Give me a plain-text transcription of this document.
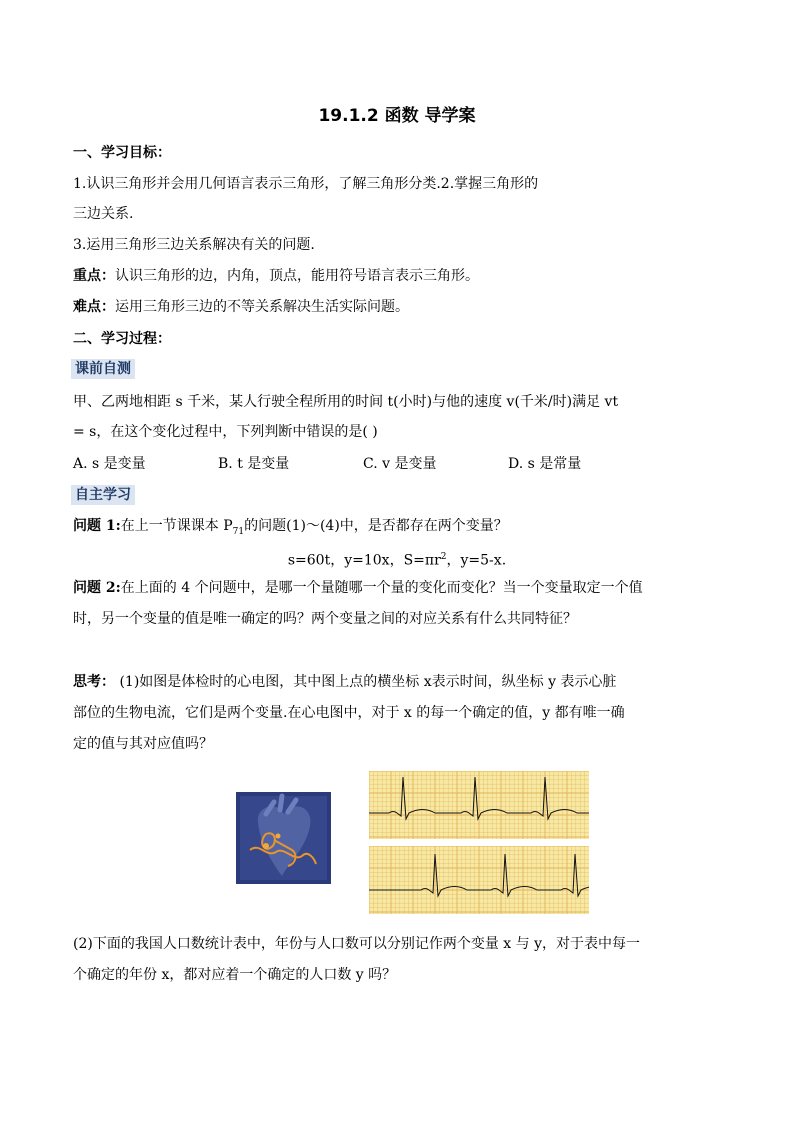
19.1.2 函数 导学案
一、学习目标：
1.认识三角形并会用几何语言表示三角形，了解三角形分类.2.掌握三角形的
三边关系.
3.运用三角形三边关系解决有关的问题.
重点：认识三角形的边，内角，顶点，能用符号语言表示三角形。
难点：运用三角形三边的不等关系解决生活实际问题。
二、学习过程：
课前自测
甲、乙两地相距 s 千米，某人行驶全程所用的时间 t(小时)与他的速度 v(千米/时)满足 vt
= s，在这个变化过程中，下列判断中错误的是( )
A. s 是变量	B. t 是变量	C. v 是变量	D. s 是常量
自主学习
问题 1:在上一节课课本 $P_{71}$的问题(1)～(4)中，是否都存在两个变量？
s=60t，y=10x，$S=\pi r^2$，y=5-x.
问题 2:在上面的 4 个问题中，是哪一个量随哪一个量的变化而变化？当一个变量取定一个值
时，另一个变量的值是唯一确定的吗？两个变量之间的对应关系有什么共同特征？
思考： (1)如图是体检时的心电图，其中图上点的横坐标 x表示时间，纵坐标 y 表示心脏
部位的生物电流，它们是两个变量.在心电图中，对于 x 的每一个确定的值，y 都有唯一确
定的值与其对应值吗？
(2)下面的我国人口数统计表中，年份与人口数可以分别记作两个变量 x 与 y，对于表中每一
个确定的年份 x，都对应着一个确定的人口数 y 吗？
